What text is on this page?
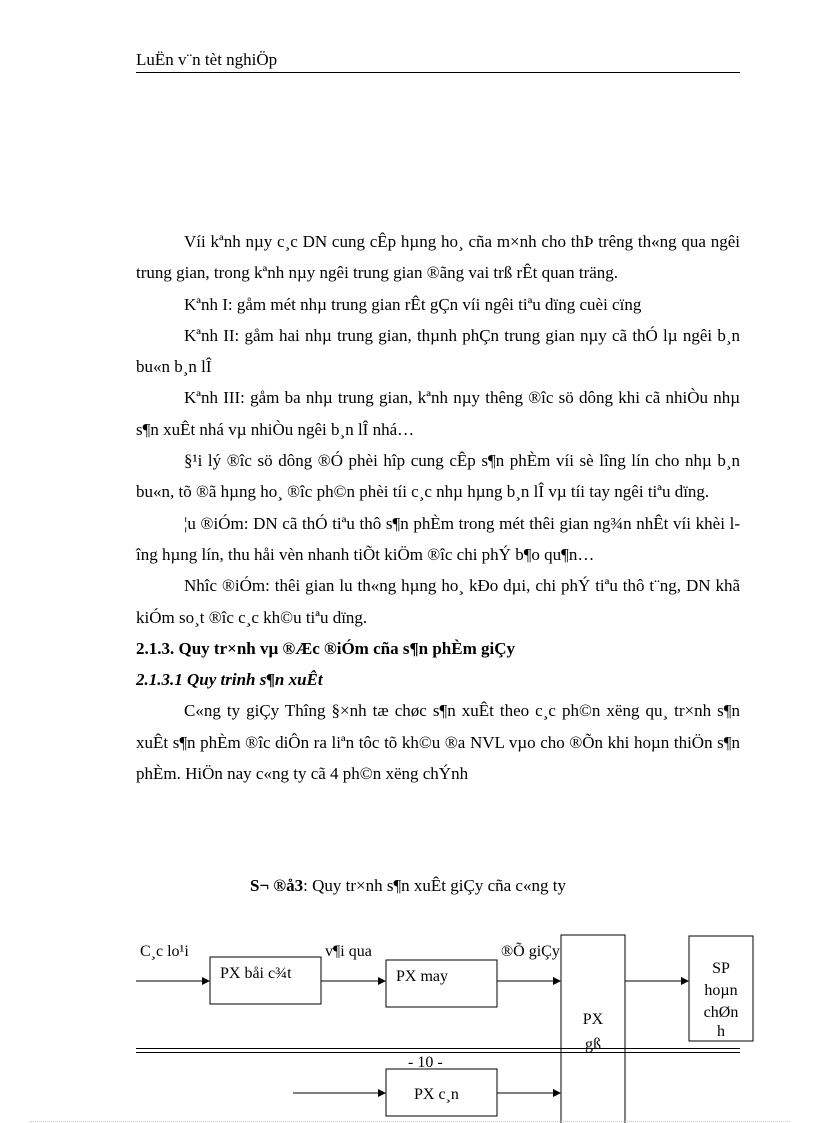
LuËn v¨n tèt nghiÖp

Víi kªnh nµy c¸c DN cung cÊp hµng ho¸ cña m×nh cho thÞ trêng th«ng qua ngêi trung gian, trong kªnh nµy ngêi trung gian ®ãng vai trß rÊt quan träng.

Kªnh I: gåm mét nhµ trung gian rÊt gÇn víi ngêi tiªu dïng cuèi cïng

Kªnh II: gåm hai nhµ trung gian, thµnh phÇn trung gian nµy cã thÓ lµ ngêi b¸n bu«n b¸n lÎ

Kªnh III: gåm ba nhµ trung gian, kªnh nµy thêng ®îc sö dông khi cã nhiÒu nhµ s¶n xuÊt nhá vµ nhiÒu ngêi b¸n lÎ nhá…

§¹i lý ®îc sö dông ®Ó phèi hîp cung cÊp s¶n phÈm víi sè lîng lín cho nhµ b¸n bu«n, tõ ®ã hµng ho¸ ®îc ph©n phèi tíi c¸c nhµ hµng b¸n lÎ vµ tíi tay ngêi tiªu dïng.

¦u ®iÓm: DN cã thÓ tiªu thô s¶n phÈm trong mét thêi gian ng¾n nhÊt víi khèi lîng hµng lín, thu håi vèn nhanh tiÕt kiÖm ®îc chi phÝ b¶o qu¶n…

Nhîc ®iÓm: thêi gian lu th«ng hµng ho¸ kÐo dµi, chi phÝ tiªu thô t¨ng, DN khã kiÓm so¸t ®îc c¸c kh©u tiªu dïng.

2.1.3. Quy tr×nh vµ ®Æc ®iÓm cña s¶n phÈm giÇy

2.1.3.1 Quy trinh s¶n xuÊt

C«ng ty giÇy Thîng §×nh tæ chøc s¶n xuÊt theo c¸c ph©n xëng qu¸ tr×nh s¶n xuÊt s¶n phÈm ®îc diÔn ra liªn tôc tõ kh©u ®a NVL vµo cho ®Õn khi hoµn thiÖn s¶n phÈm. HiÖn nay c«ng ty cã 4 ph©n xëng chÝnh

S¬ ®å3: Quy tr×nh s¶n xuÊt giÇy cña c«ng ty
C¸c lo¹i	v¶i qua	®Õ giÇy
PX båi c¾t	PX may
PX
gß
SP
hoµn
chØn
h
PX c¸n
- 10 -
